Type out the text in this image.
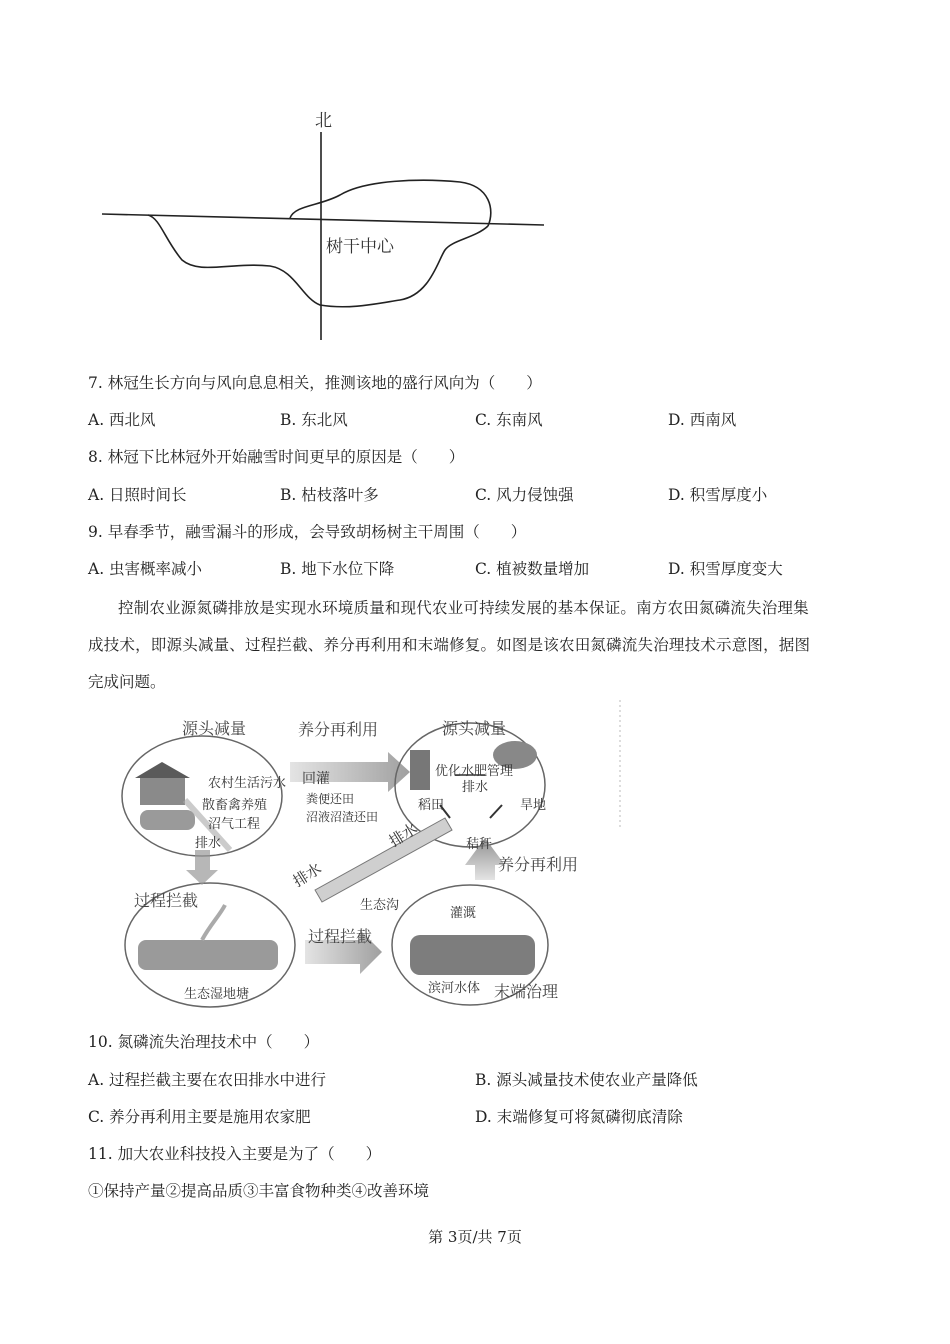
北
树干中心
7. 林冠生长方向与风向息息相关，推测该地的盛行风向为（　　）
A. 西北风	B. 东北风	C. 东南风	D. 西南风
8. 林冠下比林冠外开始融雪时间更早的原因是（　　）
A. 日照时间长	B. 枯枝落叶多	C. 风力侵蚀强	D. 积雪厚度小
9. 早春季节，融雪漏斗的形成，会导致胡杨树主干周围（　　）
A. 虫害概率减小	B. 地下水位下降	C. 植被数量增加	D. 积雪厚度变大
控制农业源氮磷排放是实现水环境质量和现代农业可持续发展的基本保证。南方农田氮磷流失治理集
成技术，即源头减量、过程拦截、养分再利用和末端修复。如图是该农田氮磷流失治理技术示意图，据图
完成问题。
源头减量
农村生活污水
散畜禽养殖
沼气工程
排水
养分再利用
回灌
粪便还田
沼液沼渣还田
源头减量
优化水肥管理
排水
稻田	旱地
秸秆
排水
排水	养分再利用
过程拦截	生态沟
过程拦截
生态湿地塘
灌溉
滨河水体 末端治理
10. 氮磷流失治理技术中（　　）
A. 过程拦截主要在农田排水中进行	B. 源头减量技术使农业产量降低
C. 养分再利用主要是施用农家肥	D. 末端修复可将氮磷彻底清除
11. 加大农业科技投入主要是为了（　　）
①保持产量②提高品质③丰富食物种类④改善环境
第 3页/共 7页
